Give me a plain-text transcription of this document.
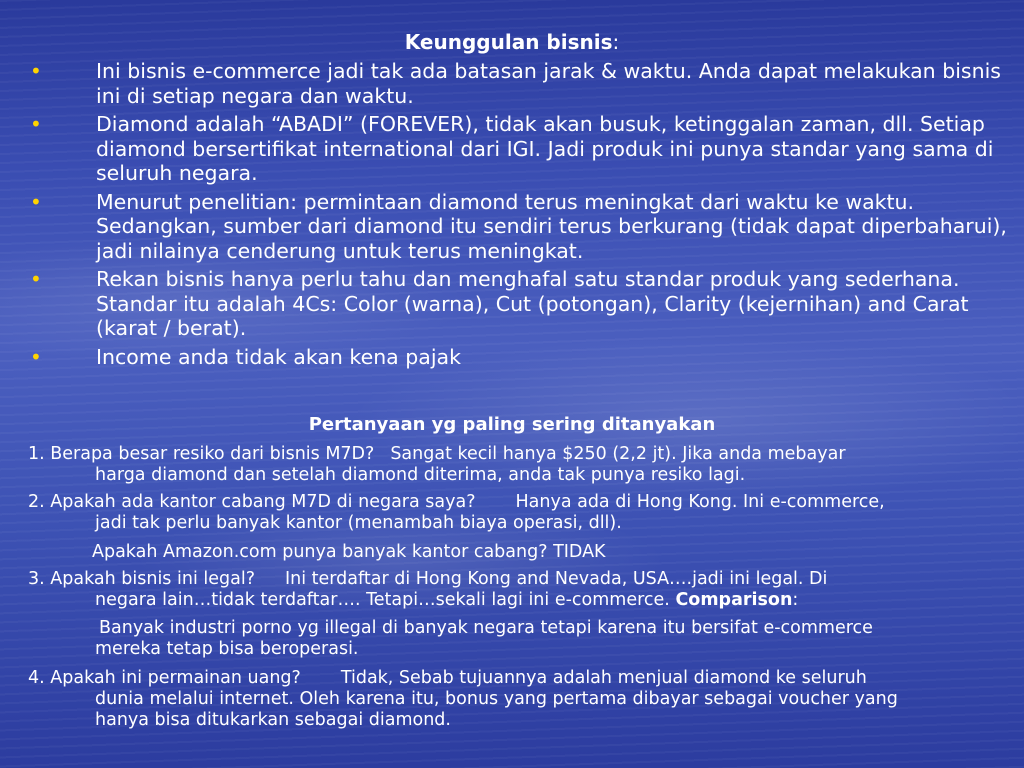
Keunggulan bisnis:
•	Ini bisnis e-commerce jadi tak ada batasan jarak & waktu. Anda dapat melakukan bisnis ini di setiap negara dan waktu.
•	Diamond adalah “ABADI” (FOREVER), tidak akan busuk, ketinggalan zaman, dll. Setiap diamond bersertifikat international dari IGI. Jadi produk ini punya standar yang sama di seluruh negara.
•	Menurut penelitian: permintaan diamond terus meningkat dari waktu ke waktu. Sedangkan, sumber dari diamond itu sendiri terus berkurang (tidak dapat diperbaharui), jadi nilainya cenderung untuk terus meningkat.
•	Rekan bisnis hanya perlu tahu dan menghafal satu standar produk yang sederhana. Standar itu adalah 4Cs: Color (warna), Cut (potongan), Clarity (kejernihan) and Carat (karat / berat).
•	Income anda tidak akan kena pajak
Pertanyaan yg paling sering ditanyakan
1. Berapa besar resiko dari bisnis M7D? Sangat kecil hanya $250 (2,2 jt). Jika anda mebayar
harga diamond dan setelah diamond diterima, anda tak punya resiko lagi.
2. Apakah ada kantor cabang M7D di negara saya? Hanya ada di Hong Kong. Ini e-commerce,
jadi tak perlu banyak kantor (menambah biaya operasi, dll).
Apakah Amazon.com punya banyak kantor cabang? TIDAK
3. Apakah bisnis ini legal? Ini terdaftar di Hong Kong and Nevada, USA….jadi ini legal. Di
negara lain…tidak terdaftar…. Tetapi…sekali lagi ini e-commerce. Comparison:
Banyak industri porno yg illegal di banyak negara tetapi karena itu bersifat e-commerce
mereka tetap bisa beroperasi.
4. Apakah ini permainan uang? Tidak, Sebab tujuannya adalah menjual diamond ke seluruh
dunia melalui internet. Oleh karena itu, bonus yang pertama dibayar sebagai voucher yang
hanya bisa ditukarkan sebagai diamond.
